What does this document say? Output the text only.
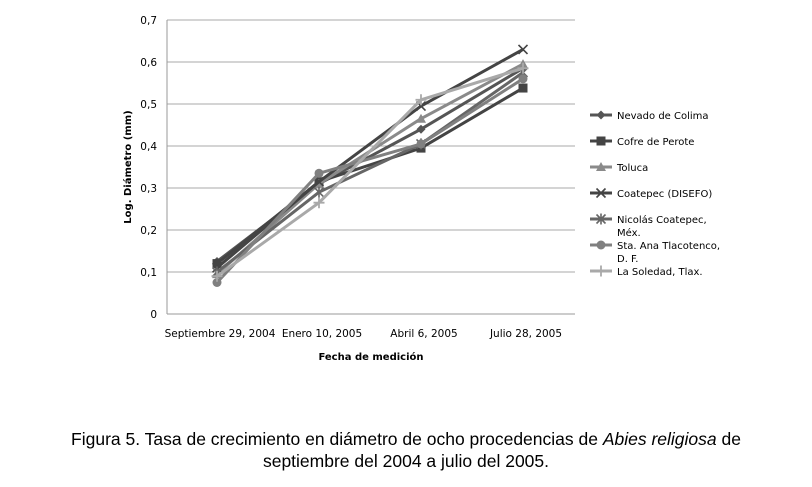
0
0,1
0,2
0,3
0,4
0,5
0,6
0,7
Septiembre 29, 2004 Enero 10, 2005	Abril 6, 2005	Julio 28, 2005
Nevado de Colima
Cofre de Perote
Toluca
Coatepec (DISEFO)
Nicolás Coatepec, Méx.
Sta. Ana Tlacotenco, D. F.
La Soledad, Tlax.
Log. Diámetro (mm)
Fecha de medición
Figura 5. Tasa de crecimiento en diámetro de ocho procedencias de Abies religiosa de
septiembre del 2004 a julio del 2005.
